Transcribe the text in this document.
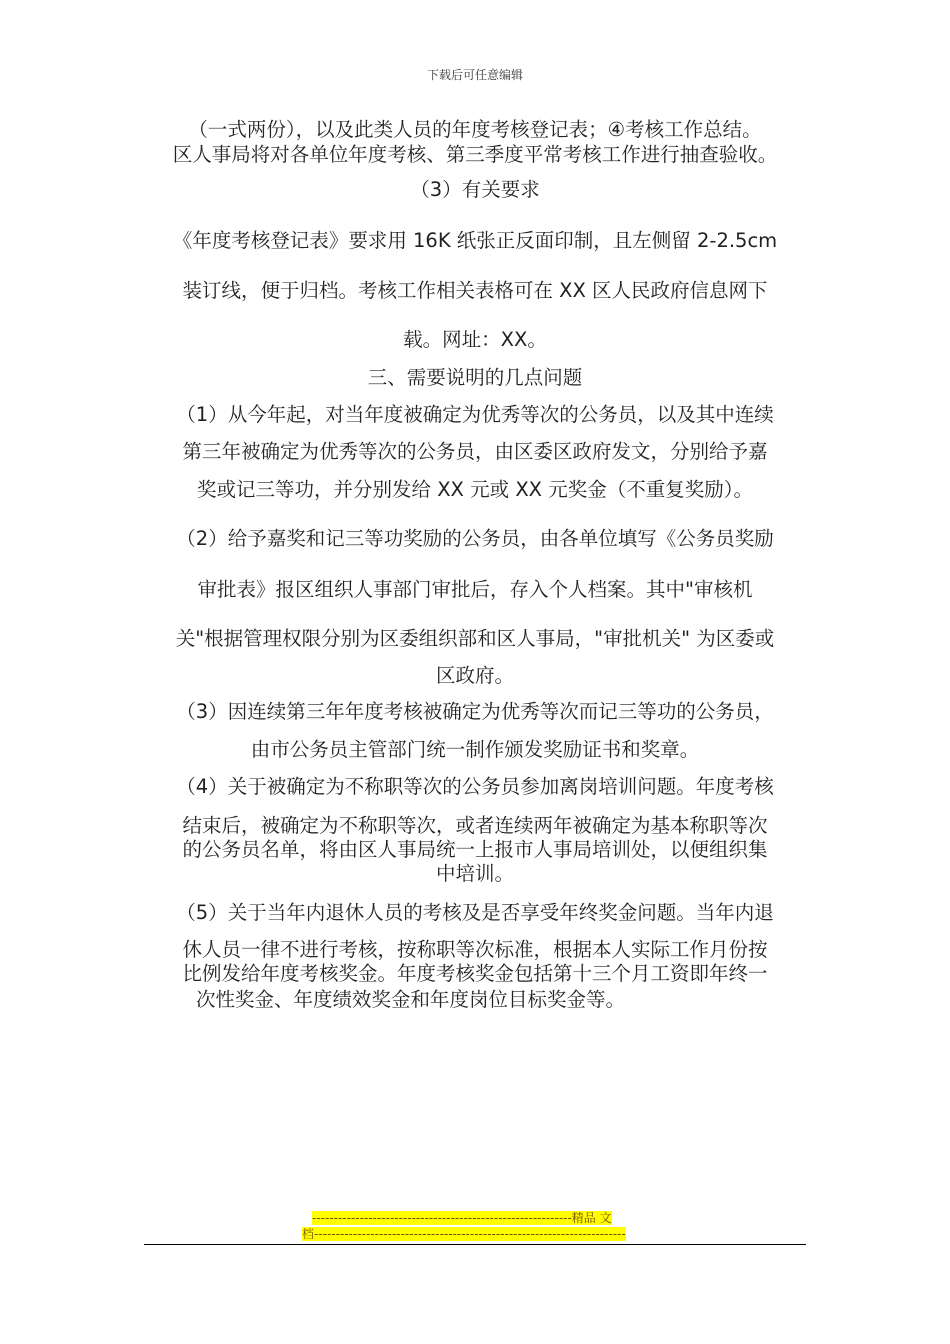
下载后可任意编辑
（一式两份），以及此类人员的年度考核登记表；④考核工作总结。
区人事局将对各单位年度考核、第三季度平常考核工作进行抽查验收。
（3）有关要求
《年度考核登记表》要求用 16K 纸张正反面印制，且左侧留 2-2.5cm
装订线，便于归档。考核工作相关表格可在 XX 区人民政府信息网下
载。网址：XX。
三、需要说明的几点问题
（1）从今年起，对当年度被确定为优秀等次的公务员，以及其中连续
第三年被确定为优秀等次的公务员，由区委区政府发文，分别给予嘉
奖或记三等功，并分别发给 XX 元或 XX 元奖金（不重复奖励）。
（2）给予嘉奖和记三等功奖励的公务员，由各单位填写《公务员奖励
审批表》报区组织人事部门审批后，存入个人档案。其中"审核机
关"根据管理权限分别为区委组织部和区人事局，"审批机关" 为区委或
区政府。
（3）因连续第三年年度考核被确定为优秀等次而记三等功的公务员，
由市公务员主管部门统一制作颁发奖励证书和奖章。
（4）关于被确定为不称职等次的公务员参加离岗培训问题。年度考核
结束后，被确定为不称职等次，或者连续两年被确定为基本称职等次
的公务员名单，将由区人事局统一上报市人事局培训处，以便组织集
中培训。
（5）关于当年内退休人员的考核及是否享受年终奖金问题。当年内退
休人员一律不进行考核，按称职等次标准，根据本人实际工作月份按
比例发给年度考核奖金。年度考核奖金包括第十三个月工资即年终一
次性奖金、年度绩效奖金和年度岗位目标奖金等。
------------------------------------------------------------精品 文
档------------------------------------------------------------------------
